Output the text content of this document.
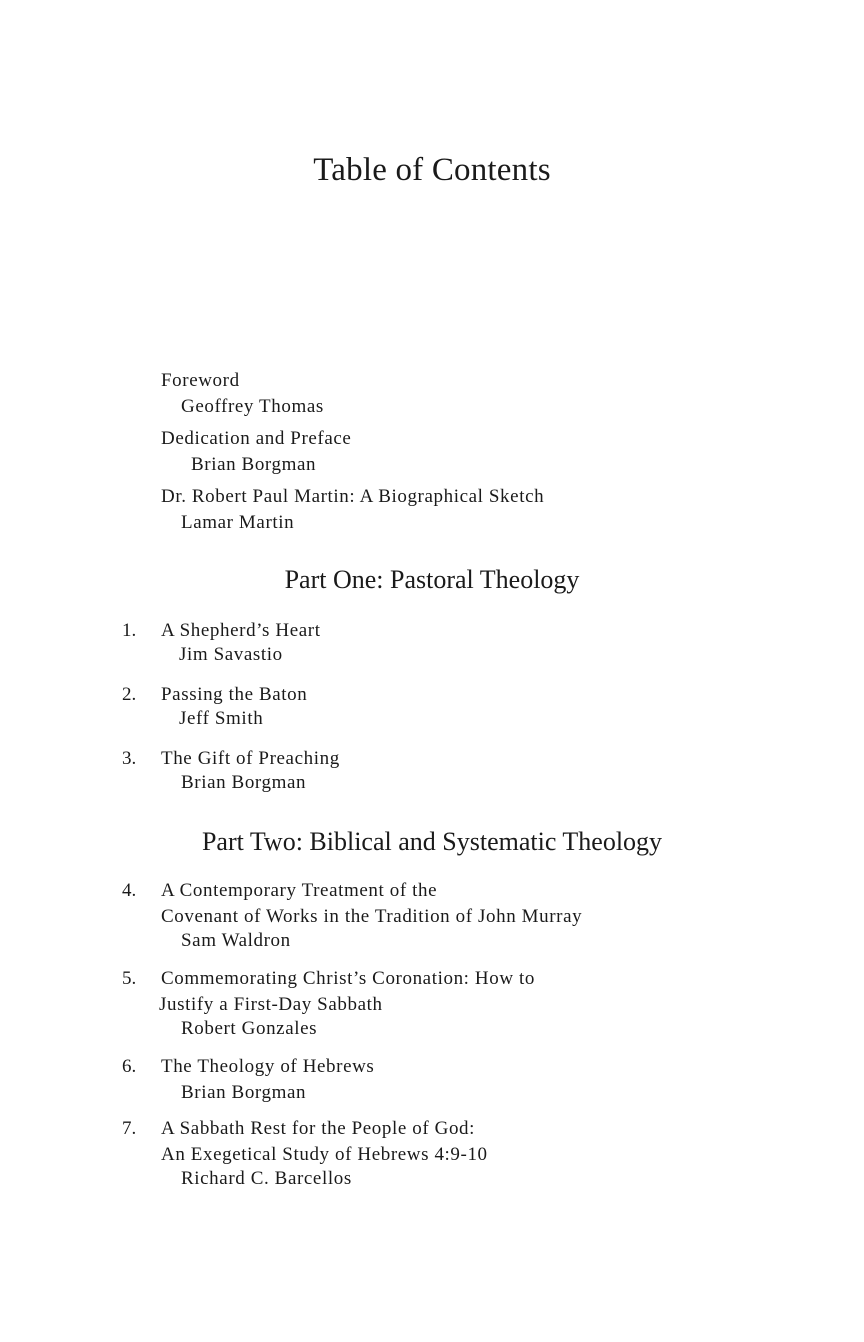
Table of Contents
Foreword
Geoffrey Thomas
Dedication and Preface
Brian Borgman
Dr. Robert Paul Martin: A Biographical Sketch
Lamar Martin
Part One: Pastoral Theology
1. A Shepherd’s Heart
Jim Savastio
2. Passing the Baton
Jeff Smith
3. The Gift of Preaching
Brian Borgman
Part Two: Biblical and Systematic Theology
4. A Contemporary Treatment of the
Covenant of Works in the Tradition of John Murray
Sam Waldron
5. Commemorating Christ’s Coronation: How to
Justify a First-Day Sabbath
Robert Gonzales
6. The Theology of Hebrews
Brian Borgman
7. A Sabbath Rest for the People of God:
An Exegetical Study of Hebrews 4:9-10
Richard C. Barcellos
